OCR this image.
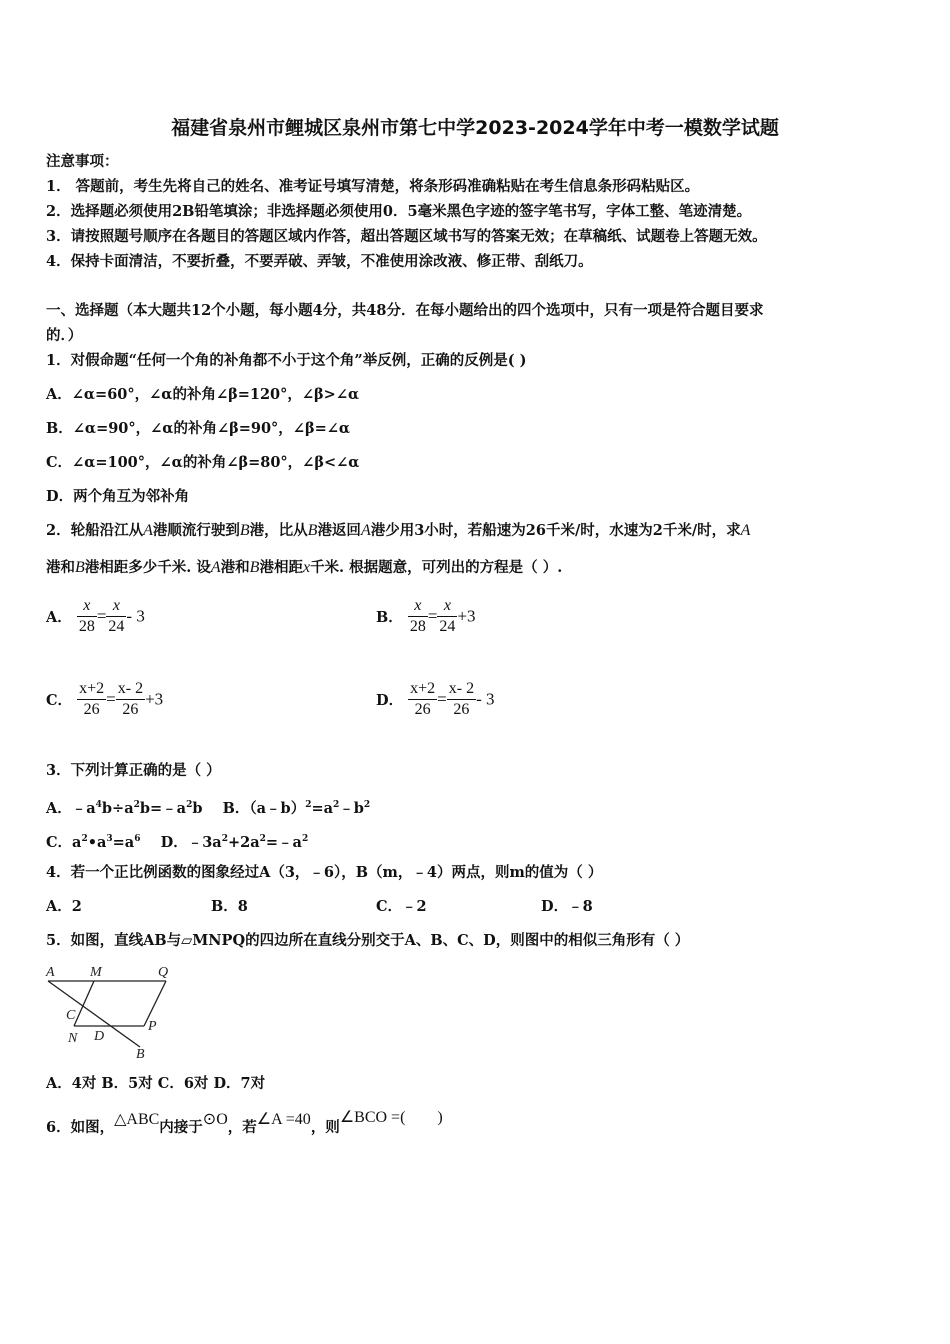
福建省泉州市鲤城区泉州市第七中学2023-2024学年中考一模数学试题
注意事项：
1． 答题前，考生先将自己的姓名、准考证号填写清楚，将条形码准确粘贴在考生信息条形码粘贴区。
2．选择题必须使用2B铅笔填涂；非选择题必须使用0．5毫米黑色字迹的签字笔书写，字体工整、笔迹清楚。
3．请按照题号顺序在各题目的答题区域内作答，超出答题区域书写的答案无效；在草稿纸、试题卷上答题无效。
4．保持卡面清洁，不要折叠，不要弄破、弄皱，不准使用涂改液、修正带、刮纸刀。
一、选择题（本大题共12个小题，每小题4分，共48分．在每小题给出的四个选项中，只有一项是符合题目要求
的．）
1．对假命题“任何一个角的补角都不小于这个角”举反例，正确的反例是( )
A．∠α=60°，∠α的补角∠β=120°，∠β>∠α
B．∠α=90°，∠α的补角∠β=90°，∠β=∠α
C．∠α=100°，∠α的补角∠β=80°，∠β<∠α
D．两个角互为邻补角
2．轮船沿江从A港顺流行驶到B港，比从B港返回A港少用3小时，若船速为26千米/时，水速为2千米/时，求A
港和B港相距多少千米. 设A港和B港相距x千米. 根据题意，可列出的方程是（ ）.
A． $\frac{x}{28} = \frac{x}{24} - 3$	B． $\frac{x}{28} = \frac{x}{24} +3$
C． $\frac{x+2}{26} = \frac{x- 2}{26} +3$	D． $\frac{x+2}{26} = \frac{x- 2}{26} - 3$
3．下列计算正确的是（ ）
A．$﹣a^4b\div a^2b=﹣a^2b$    B．$(a﹣b)^2=a^2﹣b^2$
C．$a^2•a^3=a^6$    D．$﹣3a^2+2a^2=﹣a^2$
4．若一个正比例函数的图象经过A（3，﹣6），B（m，﹣4）两点，则m的值为（ ）
A．2	B．8	C．﹣2	D．﹣8
5．如图，直线AB与▱MNPQ的四边所在直线分别交于A、B、C、D，则图中的相似三角形有（ ）
A	M	Q
C
P
N D
B
A．4对 B．5对 C．6对 D．7对
6．如图，△ABC内接于⊙O，若∠A =40，则∠BCO =(        )
